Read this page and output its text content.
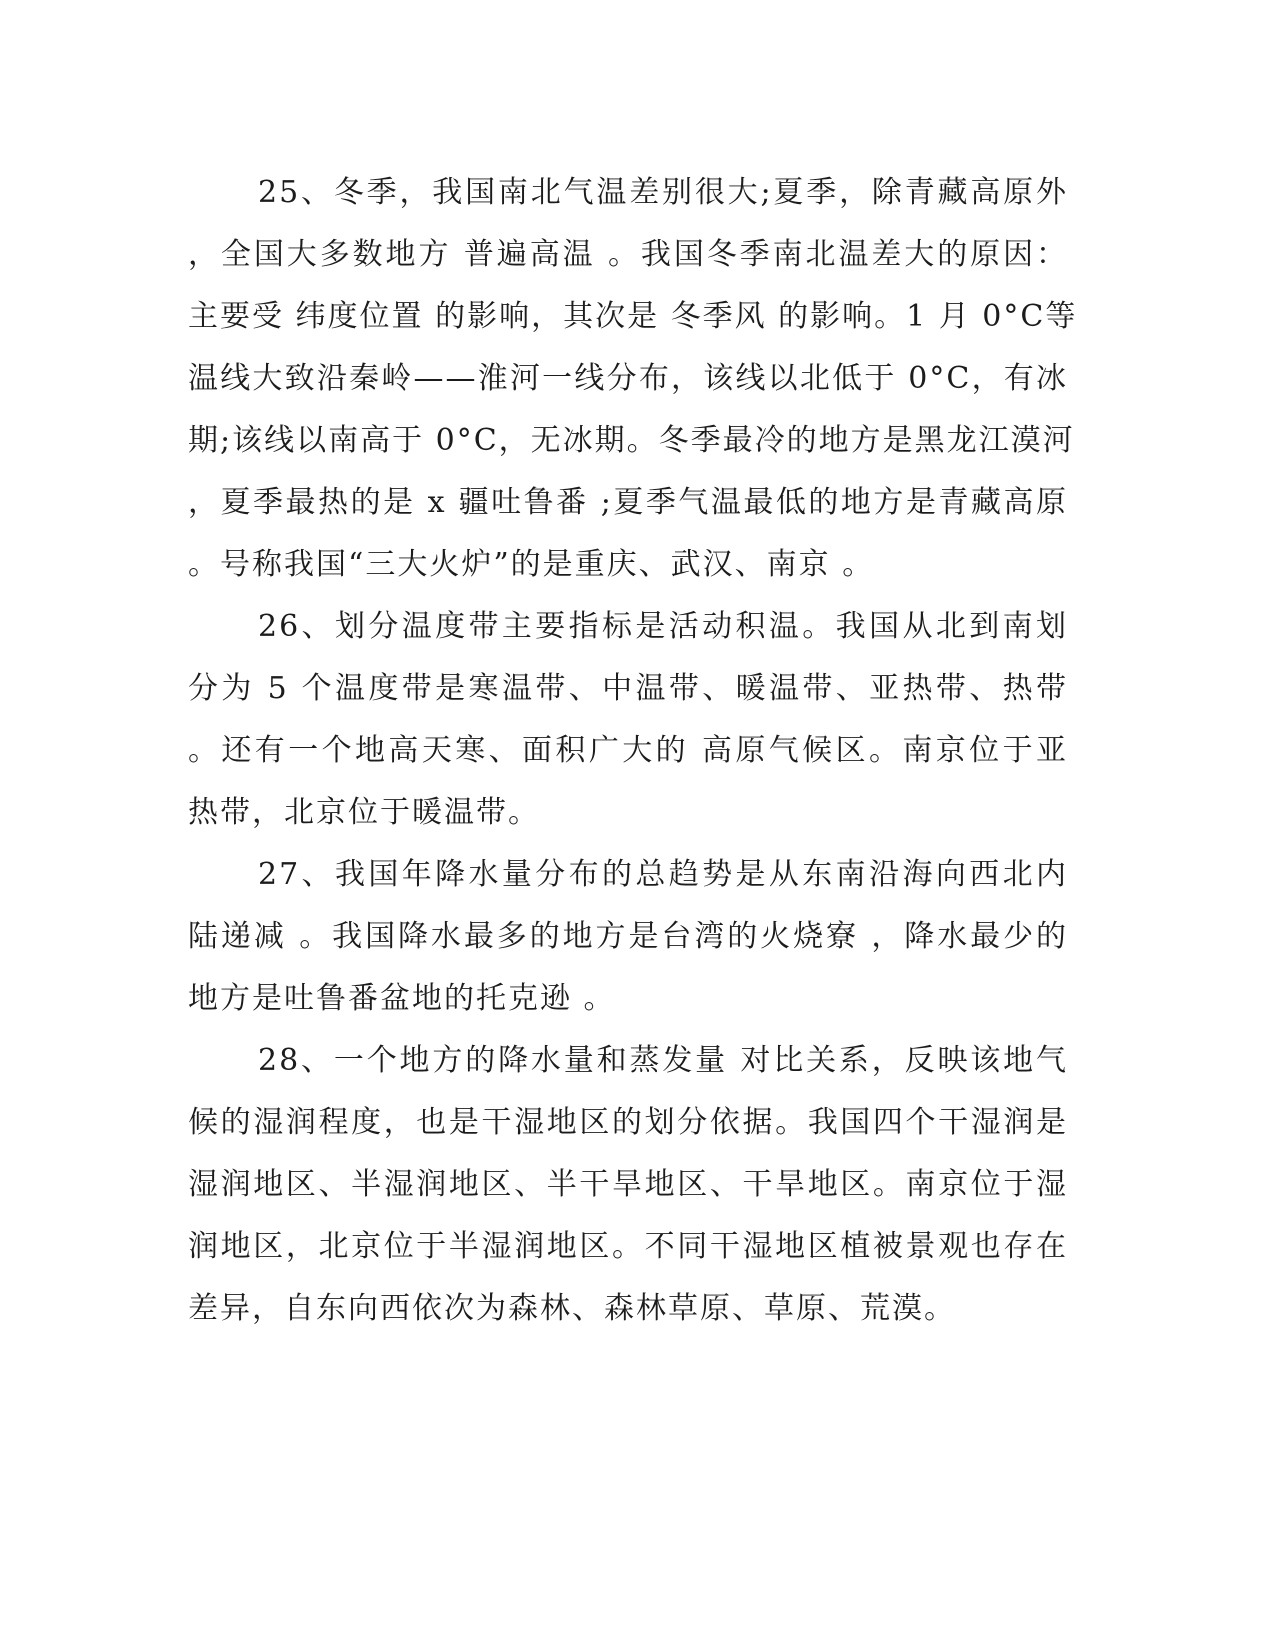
25、冬季，我国南北气温差别很大;夏季，除青藏高原外
，全国大多数地方 普遍高温 。我国冬季南北温差大的原因：
主要受 纬度位置 的影响，其次是 冬季风 的影响。1 月 0°C等
温线大致沿秦岭——淮河一线分布，该线以北低于 0°C，有冰
期;该线以南高于 0°C，无冰期。冬季最冷的地方是黑龙江漠河
，夏季最热的是 x 疆吐鲁番 ;夏季气温最低的地方是青藏高原
。号称我国“三大火炉”的是重庆、武汉、南京 。
26、划分温度带主要指标是活动积温。我国从北到南划
分为 5 个温度带是寒温带、中温带、暖温带、亚热带、热带
。还有一个地高天寒、面积广大的 高原气候区。南京位于亚
热带，北京位于暖温带。
27、我国年降水量分布的总趋势是从东南沿海向西北内
陆递减 。我国降水最多的地方是台湾的火烧寮 ，降水最少的
地方是吐鲁番盆地的托克逊 。
28、一个地方的降水量和蒸发量 对比关系，反映该地气
候的湿润程度，也是干湿地区的划分依据。我国四个干湿润是
湿润地区、半湿润地区、半干旱地区、干旱地区。南京位于湿
润地区，北京位于半湿润地区。不同干湿地区植被景观也存在
差异，自东向西依次为森林、森林草原、草原、荒漠。
